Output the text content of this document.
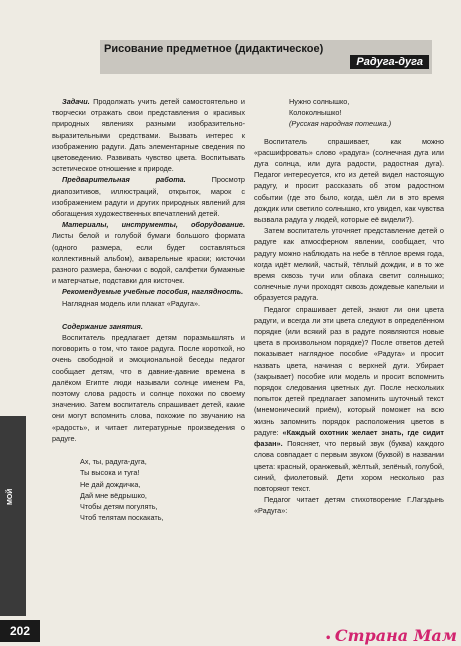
Рисование предметное (дидактическое)
Радуга-дуга

Задачи. Продолжать учить детей самостоятельно и творчески отражать свои представления о красивых природных явлениях разными изобразительно-выразительными средствами. Вызвать интерес к изображению радуги. Дать элементарные сведения по цветоведению. Развивать чувство цвета. Воспитывать эстетическое отношение к природе.

Предварительная работа. Просмотр диапозитивов, иллюстраций, открыток, марок с изображением радуги и других природных явлений для обогащения художественных впечатлений детей.

Материалы, инструменты, оборудование. Листы белой и голубой бумаги большого формата (одного размера, если будет составляться коллективный альбом), акварельные краски; кисточки разного размера, баночки с водой, салфетки бумажные и матерчатые, подставки для кисточек.

Рекомендуемые учебные пособия, наглядность.

Наглядная модель или плакат «Радуга».

Содержание занятия.

Воспитатель предлагает детям поразмышлять и поговорить о том, что такое радуга. После короткой, но очень свободной и эмоциональной беседы педагог сообщает детям, что в давние-давние времена в далёком Египте люди называли солнце именем Ра, поэтому слова радость и солнце похожи по своему значению. Затем воспитатель спрашивает детей, какие они могут вспомнить слова, похожие по звучанию на «радость», и читает литературные произведения о радуге.

Ах, ты, радуга-дуга,

Ты высока и туга!

Не дай дождичка,

Дай мне вёдрышко,

Чтобы детям погулять,

Чтоб телятам поскакать,

Нужно солнышко,

Колоколнышко!

(Русская народная потешка.)

Воспитатель спрашивает, как можно «расшифровать» слово «радуга» (солнечная дуга или дуга солнца, или дуга радости, радостная дуга). Педагог интересуется, кто из детей видел настоящую радугу, и просит рассказать об этом радостном событии (где это было, когда, шёл ли в это время дождик или светило солнышко, кто увидел, как чувства вызвала радуга у людей, которые её видели?).

Затем воспитатель уточняет представление детей о радуге как атмосферном явлении, сообщает, что радугу можно наблюдать на небе в тёплое время года, когда идёт мелкий, частый, тёплый дождик, и в то же время сквозь тучи или облака светит солнышко; солнечные лучи проходят сквозь дождевые капельки и образуется радуга.

Педагог спрашивает детей, знают ли они цвета радуги, и всегда ли эти цвета следуют в определённом порядке (или всякий раз в радуге появляются новые цвета в произвольном порядке)? После ответов детей показывает наглядное пособие «Радуга» и просит назвать цвета, начиная с верхней дуги. Убирает (закрывает) пособие или модель и просит вспомнить порядок следования цветных дуг. После нескольких попыток детей предлагает запомнить шуточный текст (мнемонический приём), который поможет на всю жизнь запомнить порядок расположения цветов в радуге: «Каждый охотник желает знать, где сидит фазан». Поясняет, что первый звук (буква) каждого слова совпадает с первым звуком (буквой) в названии цвета: красный, оранжевый, жёлтый, зелёный, голубой, синий, фиолетовый. Дети хором несколько раз повторяют текст.

Педагог читает детям стихотворение Г.Лагздынь «Радуга»:

МОЙ
202
• Страна Мам
